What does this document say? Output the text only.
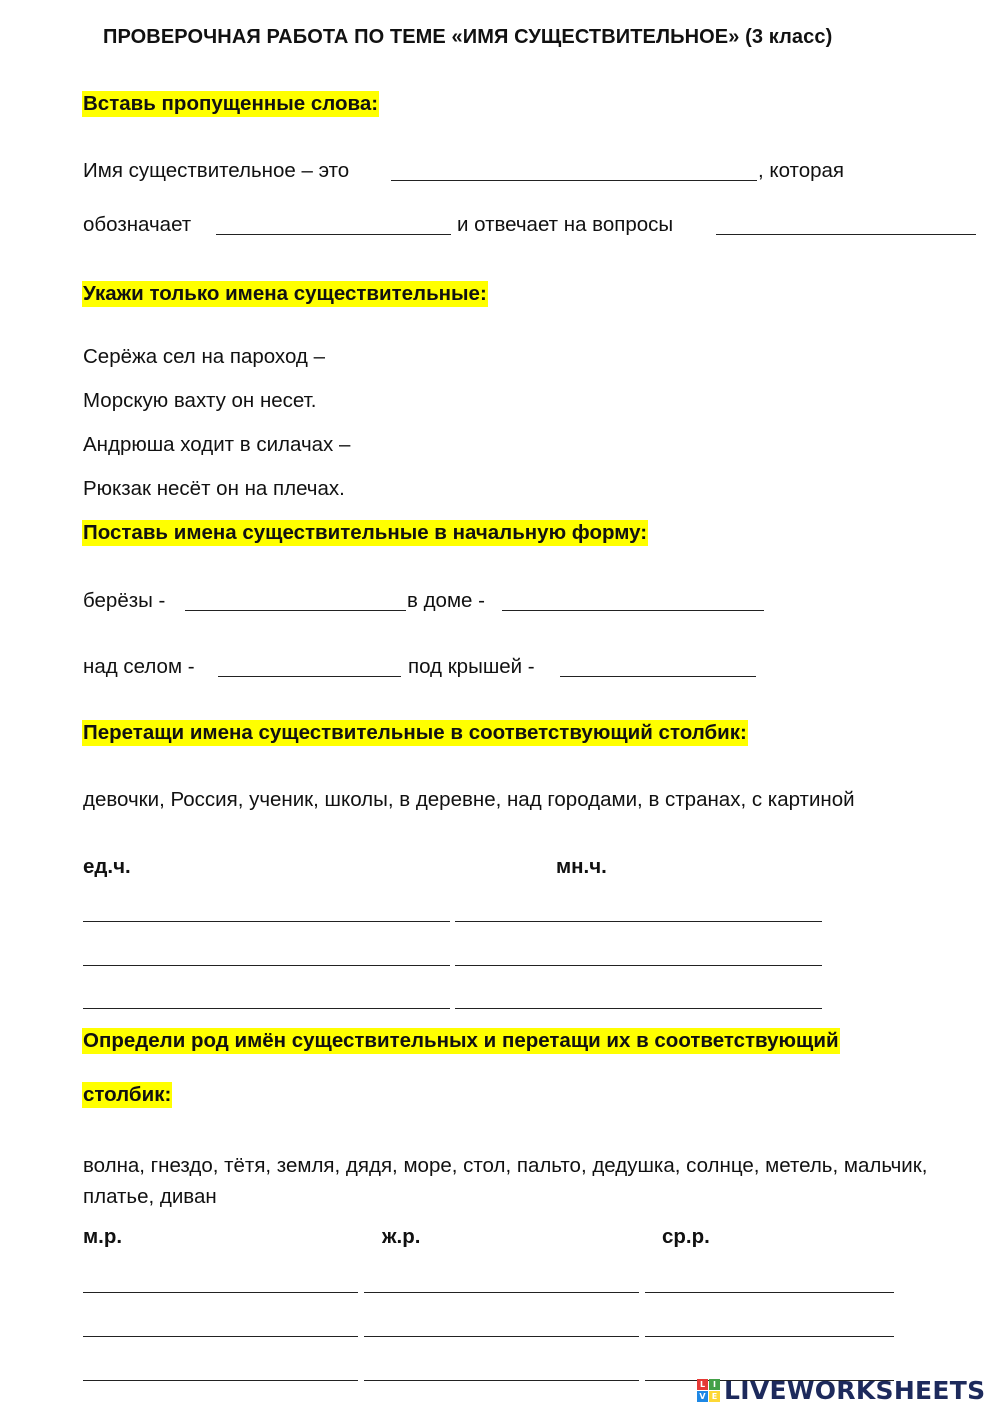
ПРОВЕРОЧНАЯ РАБОТА ПО ТЕМЕ «ИМЯ СУЩЕСТВИТЕЛЬНОЕ» (3 класс)
Вставь пропущенные слова:
Имя существительное – это	, которая
обозначает	и отвечает на вопросы
Укажи только имена существительные:
Серёжа сел на пароход –
Морскую вахту он несет.
Андрюша ходит в силачах –
Рюкзак несёт он на плечах.
Поставь имена существительные в начальную форму:
берёзы -	в доме -
над селом -	под крышей -
Перетащи имена существительные в соответствующий столбик:
девочки, Россия, ученик, школы, в деревне, над городами, в странах, с картиной
ед.ч.	мн.ч.
Определи род имён существительных и перетащи их в соответствующий
столбик:
волна, гнездо, тётя, земля, дядя, море, стол, пальто, дедушка, солнце, метель, мальчик, платье, диван
м.р.	ж.р.	ср.р.
L I
V E LIVEWORKSHEETS
